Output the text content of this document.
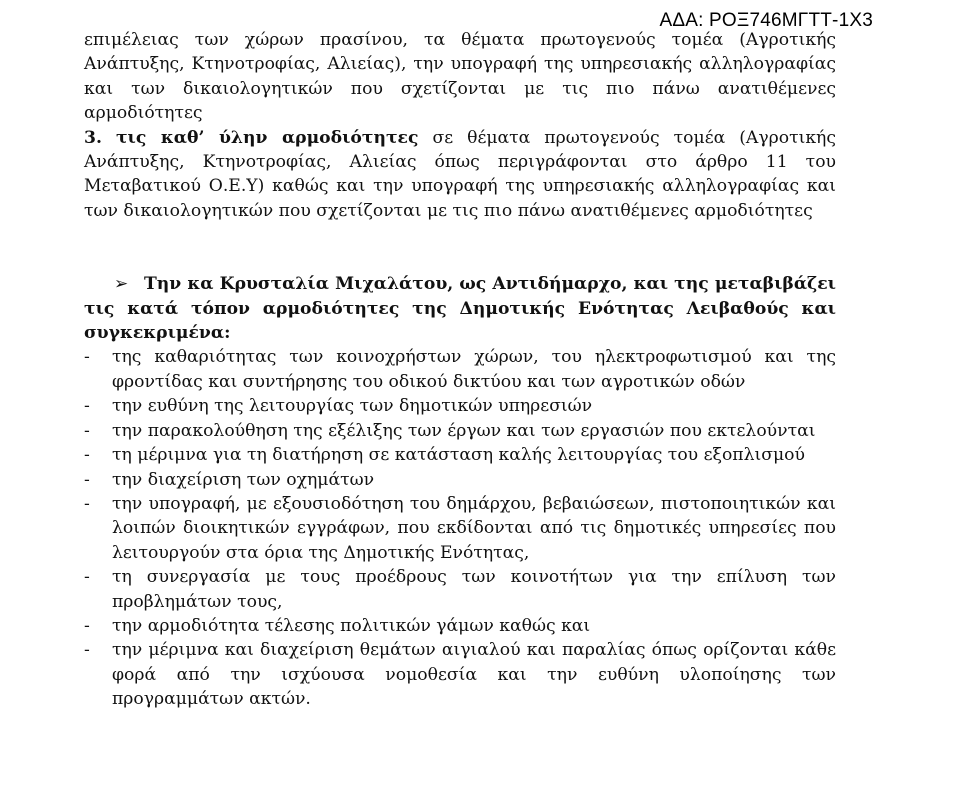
ΑΔΑ: ΡΟΞ746ΜΓΤΤ-1Χ3

επιμέλειας των χώρων πρασίνου, τα θέματα πρωτογενούς τομέα (Αγροτικής Ανάπτυξης, Κτηνοτροφίας, Αλιείας), την υπογραφή της υπηρεσιακής αλληλογραφίας και των δικαιολογητικών που σχετίζονται με τις πιο πάνω ανατιθέμενες αρμοδιότητες

3. τις καθ’ ύλην αρμοδιότητες σε θέματα πρωτογενούς τομέα (Αγροτικής Ανάπτυξης, Κτηνοτροφίας, Αλιείας όπως περιγράφονται στο άρθρο 11 του Μεταβατικού Ο.Ε.Υ) καθώς και την υπογραφή της υπηρεσιακής αλληλογραφίας και των δικαιολογητικών που σχετίζονται με τις πιο πάνω ανατιθέμενες αρμοδιότητες

➢ Την κα Κρυσταλία Μιχαλάτου, ως Αντιδήμαρχο, και της μεταβιβάζει τις κατά τόπον αρμοδιότητες της Δημοτικής Ενότητας Λειβαθούς και συγκεκριμένα:

- της καθαριότητας των κοινοχρήστων χώρων, του ηλεκτροφωτισμού και της φροντίδας και συντήρησης του οδικού δικτύου και των αγροτικών οδών
- την ευθύνη της λειτουργίας των δημοτικών υπηρεσιών
- την παρακολούθηση της εξέλιξης των έργων και των εργασιών που εκτελούνται
- τη μέριμνα για τη διατήρηση σε κατάσταση καλής λειτουργίας του εξοπλισμού
- την διαχείριση των οχημάτων
- την υπογραφή, με εξουσιοδότηση του δημάρχου, βεβαιώσεων, πιστοποιητικών και λοιπών διοικητικών εγγράφων, που εκδίδονται από τις δημοτικές υπηρεσίες που λειτουργούν στα όρια της Δημοτικής Ενότητας,
- τη συνεργασία με τους προέδρους των κοινοτήτων για την επίλυση των προβλημάτων τους,
- την αρμοδιότητα τέλεσης πολιτικών γάμων καθώς και
- την μέριμνα και διαχείριση θεμάτων αιγιαλού και παραλίας όπως ορίζονται κάθε φορά από την ισχύουσα νομοθεσία και την ευθύνη υλοποίησης των προγραμμάτων ακτών.
